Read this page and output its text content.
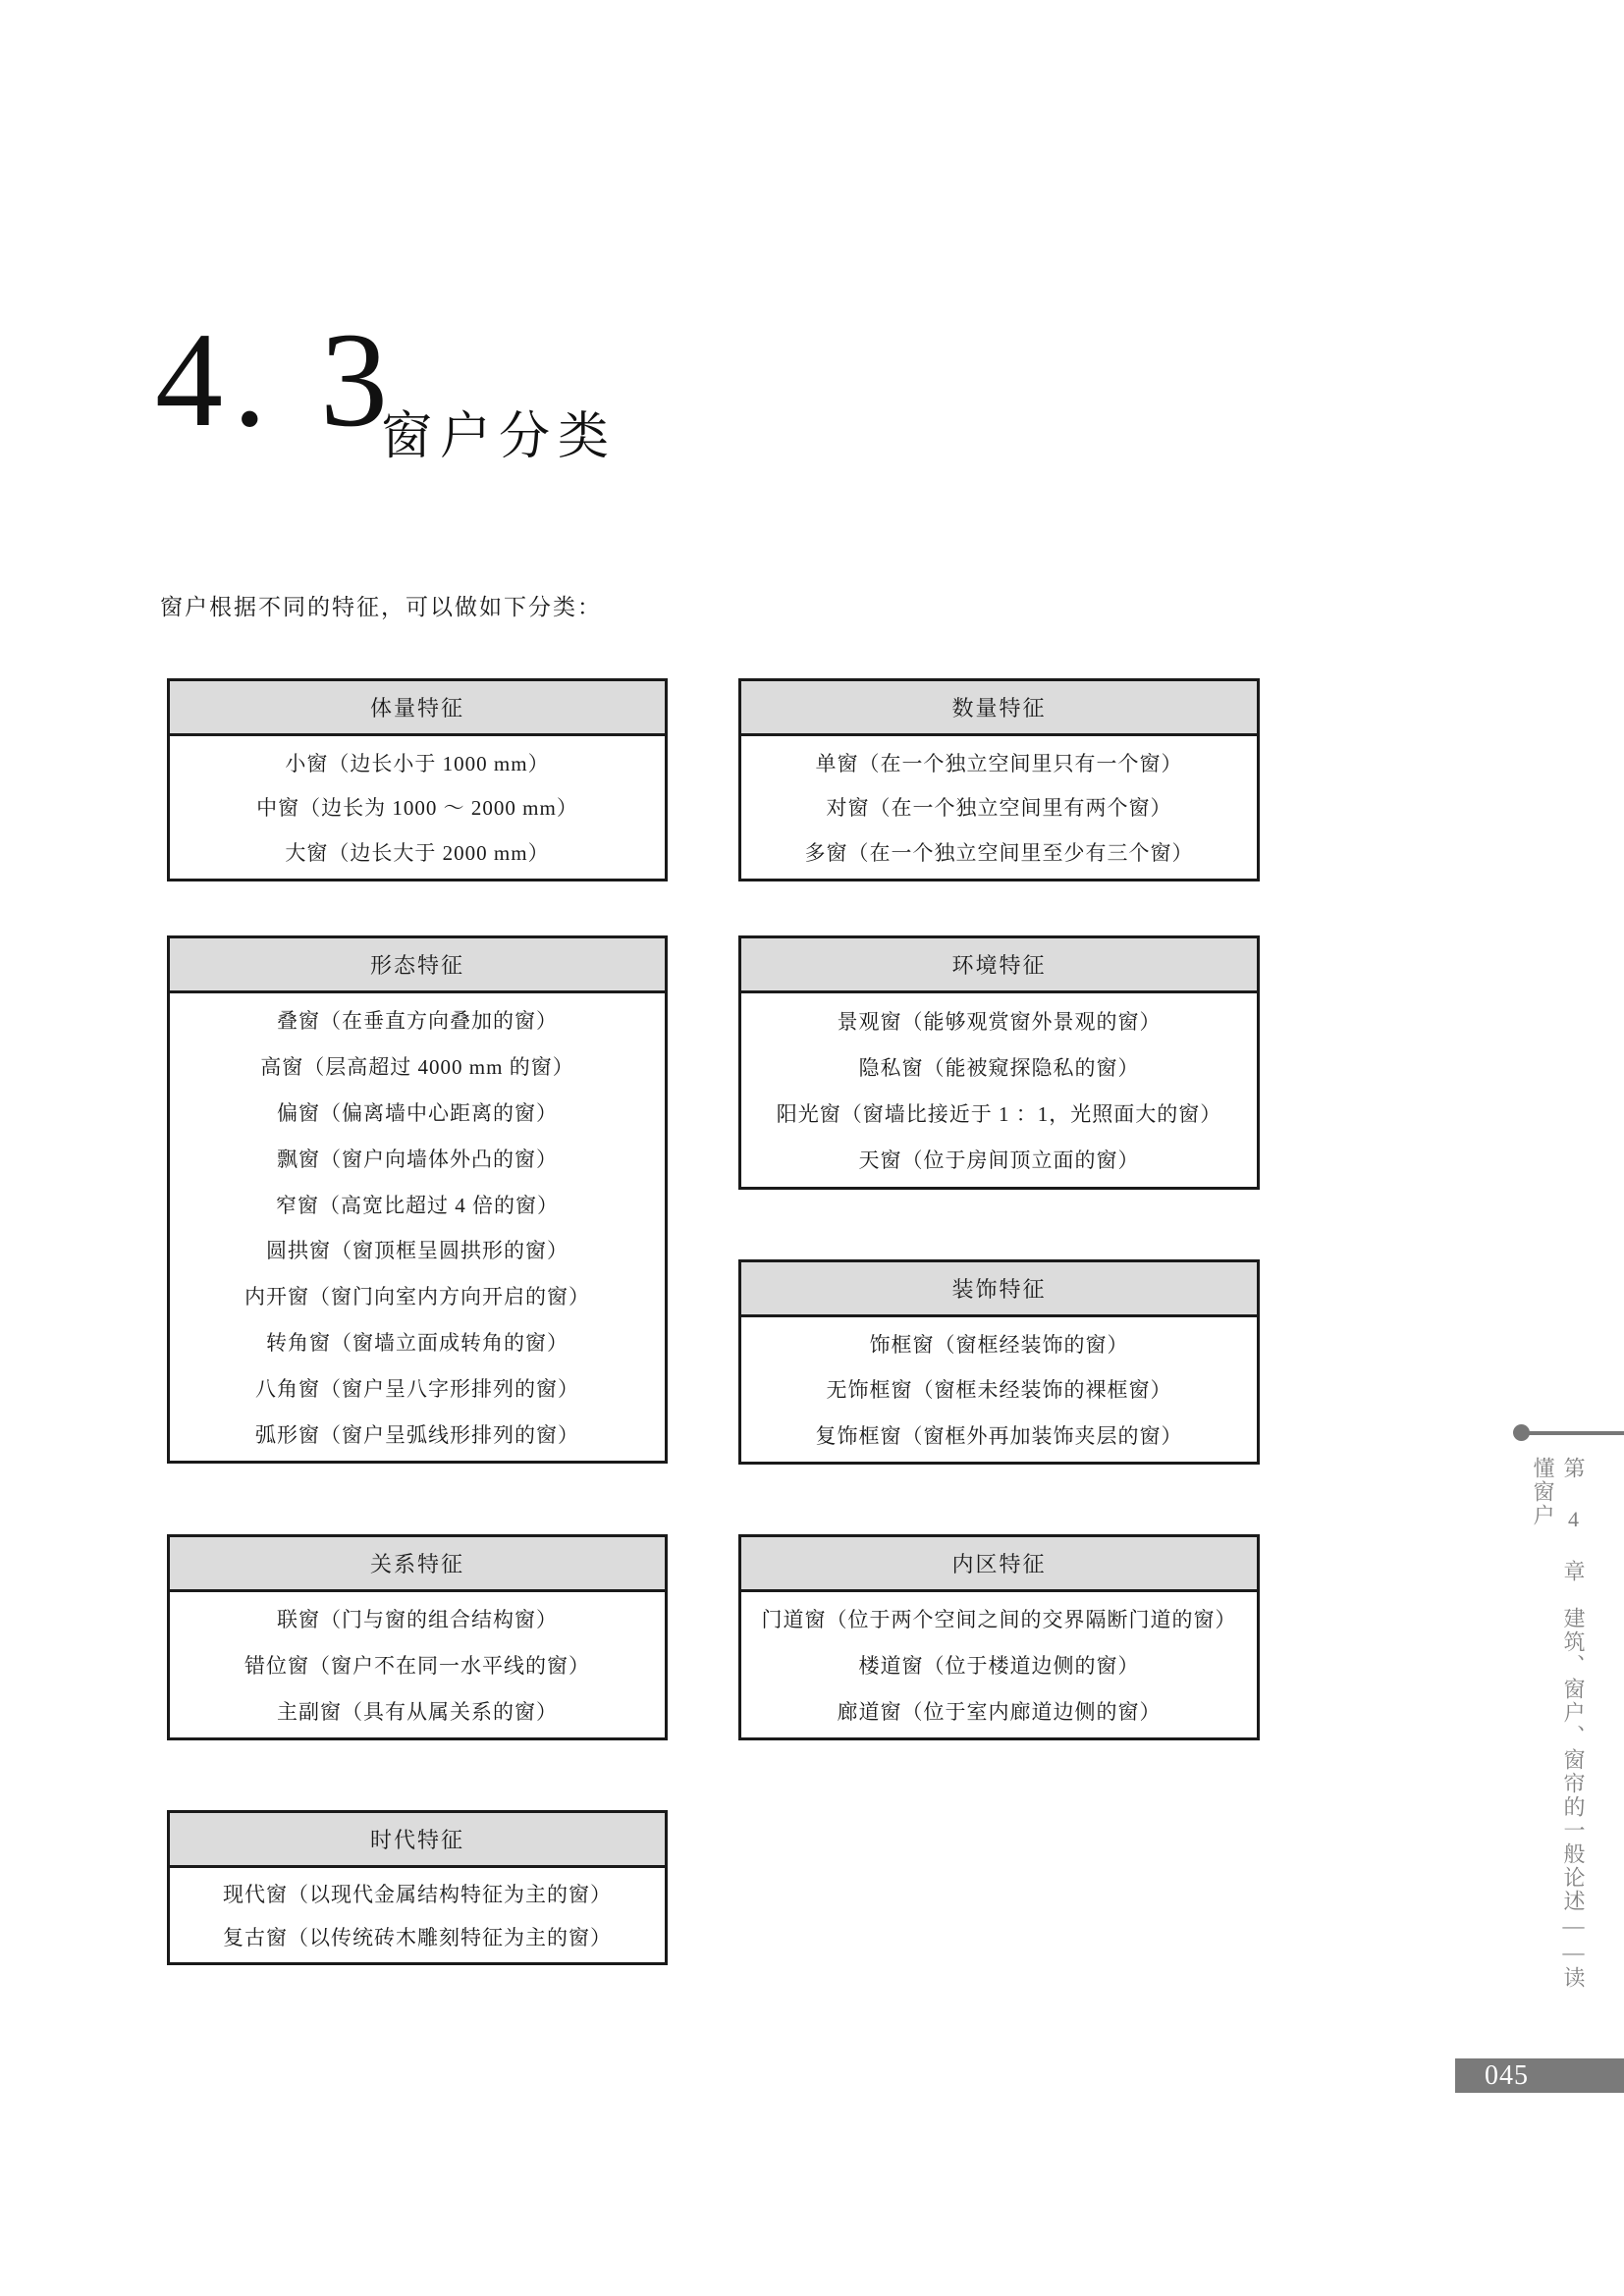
4. 3
窗户分类
窗户根据不同的特征，可以做如下分类：
体量特征
小窗（边长小于 1000 mm）
中窗（边长为 1000 ～ 2000 mm）
大窗（边长大于 2000 mm）
数量特征
单窗（在一个独立空间里只有一个窗）
对窗（在一个独立空间里有两个窗）
多窗（在一个独立空间里至少有三个窗）
形态特征
叠窗（在垂直方向叠加的窗）
高窗（层高超过 4000 mm 的窗）
偏窗（偏离墙中心距离的窗）
飘窗（窗户向墙体外凸的窗）
窄窗（高宽比超过 4 倍的窗）
圆拱窗（窗顶框呈圆拱形的窗）
内开窗（窗门向室内方向开启的窗）
转角窗（窗墙立面成转角的窗）
八角窗（窗户呈八字形排列的窗）
弧形窗（窗户呈弧线形排列的窗）
环境特征
景观窗（能够观赏窗外景观的窗）
隐私窗（能被窥探隐私的窗）
阳光窗（窗墙比接近于 1 ：1，光照面大的窗）
天窗（位于房间顶立面的窗）
装饰特征
饰框窗（窗框经装饰的窗）
无饰框窗（窗框未经装饰的裸框窗）
复饰框窗（窗框外再加装饰夹层的窗）
关系特征
联窗（门与窗的组合结构窗）
错位窗（窗户不在同一水平线的窗）
主副窗（具有从属关系的窗）
内区特征
门道窗（位于两个空间之间的交界隔断门道的窗）
楼道窗（位于楼道边侧的窗）
廊道窗（位于室内廊道边侧的窗）
时代特征
现代窗（以现代金属结构特征为主的窗）
复古窗（以传统砖木雕刻特征为主的窗）	第 4 章　建筑、窗户、窗帘的一般论述——读懂窗户
045
